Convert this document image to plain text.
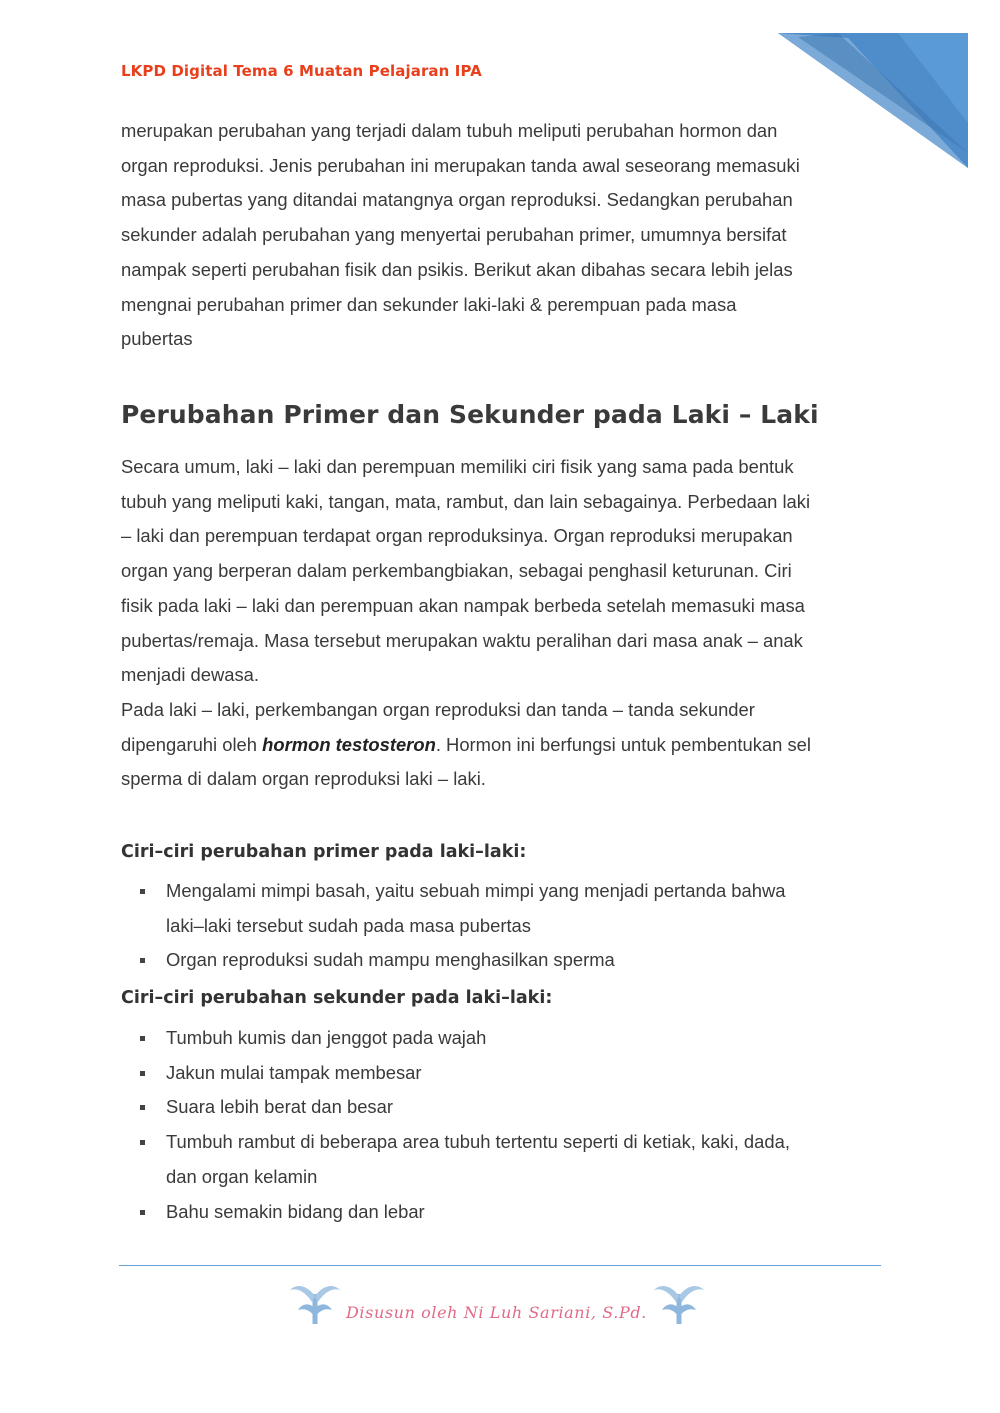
LKPD Digital Tema 6 Muatan Pelajaran IPA

merupakan perubahan yang terjadi dalam tubuh meliputi perubahan hormon dan

organ reproduksi. Jenis perubahan ini merupakan tanda awal seseorang memasuki

masa pubertas yang ditandai matangnya organ reproduksi. Sedangkan perubahan

sekunder adalah perubahan yang menyertai perubahan primer, umumnya bersifat

nampak seperti perubahan fisik dan psikis. Berikut akan dibahas secara lebih jelas

mengnai perubahan primer dan sekunder laki-laki & perempuan pada masa

pubertas

Perubahan Primer dan Sekunder pada Laki – Laki

Secara umum, laki – laki dan perempuan memiliki ciri fisik yang sama pada bentuk

tubuh yang meliputi kaki, tangan, mata, rambut, dan lain sebagainya. Perbedaan laki

– laki dan perempuan terdapat organ reproduksinya. Organ reproduksi merupakan

organ yang berperan dalam perkembangbiakan, sebagai penghasil keturunan. Ciri

fisik pada laki – laki dan perempuan akan nampak berbeda setelah memasuki masa

pubertas/remaja. Masa tersebut merupakan waktu peralihan dari masa anak – anak

menjadi dewasa.

Pada laki – laki, perkembangan organ reproduksi dan tanda – tanda sekunder

dipengaruhi oleh hormon testosteron. Hormon ini berfungsi untuk pembentukan sel

sperma di dalam organ reproduksi laki – laki.

Ciri–ciri perubahan primer pada laki–laki:
Mengalami mimpi basah, yaitu sebuah mimpi yang menjadi pertanda bahwa
laki–laki tersebut sudah pada masa pubertas
Organ reproduksi sudah mampu menghasilkan sperma
Ciri–ciri perubahan sekunder pada laki–laki:
Tumbuh kumis dan jenggot pada wajah
Jakun mulai tampak membesar
Suara lebih berat dan besar
Tumbuh rambut di beberapa area tubuh tertentu seperti di ketiak, kaki, dada,
dan organ kelamin
Bahu semakin bidang dan lebar
Disusun oleh Ni Luh Sariani, S.Pd.
